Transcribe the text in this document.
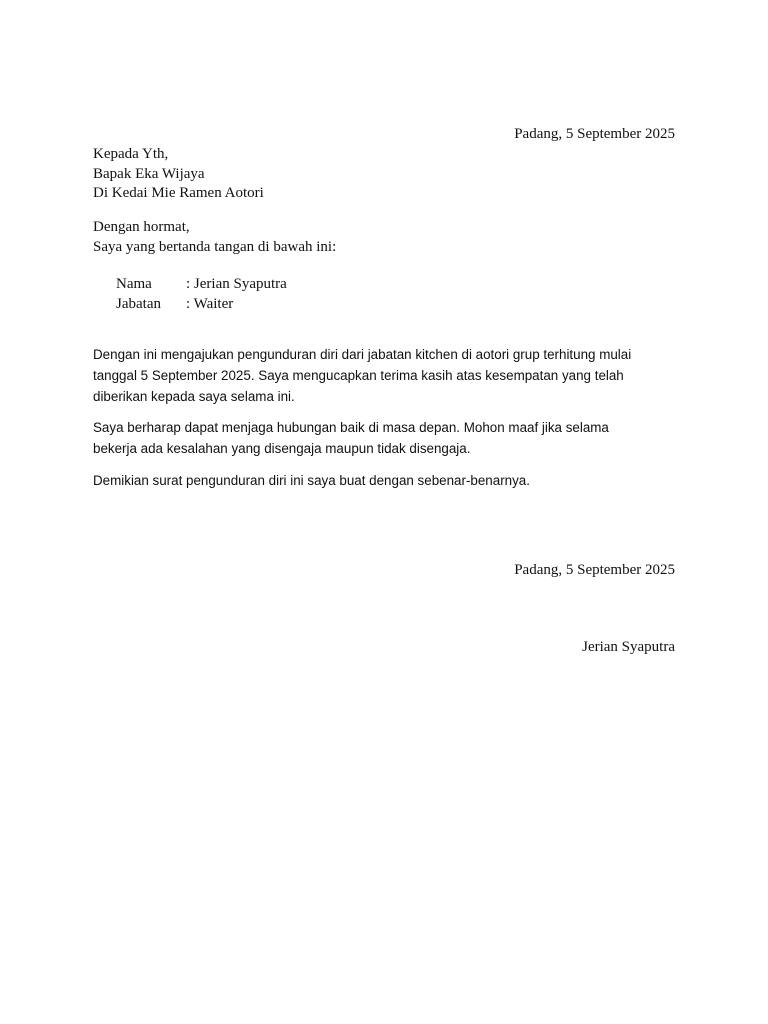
Padang, 5 September 2025
Kepada Yth,
Bapak Eka Wijaya
Di Kedai Mie Ramen Aotori
Dengan hormat,
Saya yang bertanda tangan di bawah ini:
Nama	: Jerian Syaputra
Jabatan	: Waiter
Dengan ini mengajukan pengunduran diri dari jabatan kitchen di aotori grup terhitung mulai
tanggal 5 September 2025. Saya mengucapkan terima kasih atas kesempatan yang telah
diberikan kepada saya selama ini.
Saya berharap dapat menjaga hubungan baik di masa depan. Mohon maaf jika selama
bekerja ada kesalahan yang disengaja maupun tidak disengaja.
Demikian surat pengunduran diri ini saya buat dengan sebenar-benarnya.
Padang, 5 September 2025
Jerian Syaputra
